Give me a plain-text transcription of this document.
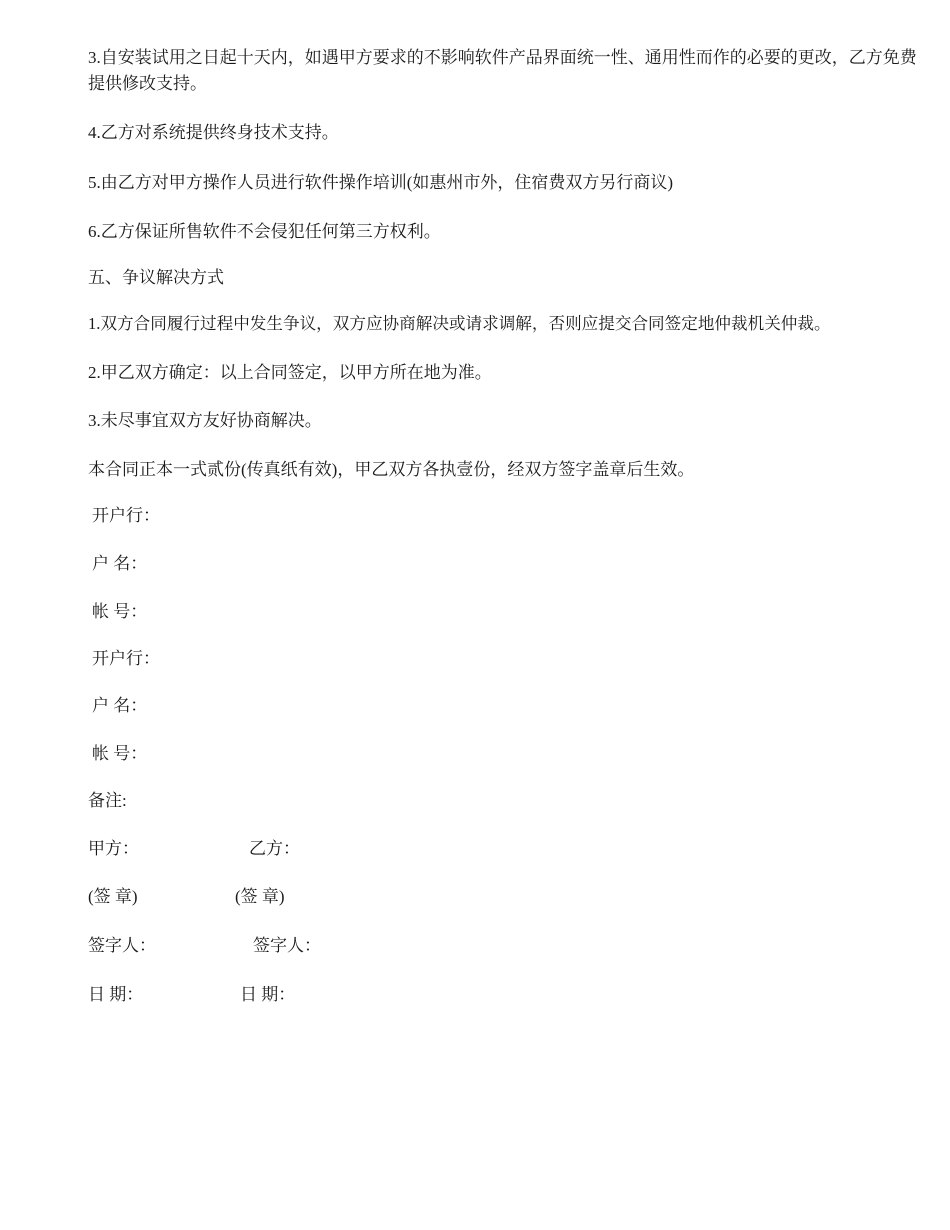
3.自安装试用之日起十天内，如遇甲方要求的不影响软件产品界面统一性、通用性而作的必要的更改，乙方免费提供修改支持。
4.乙方对系统提供终身技术支持。
5.由乙方对甲方操作人员进行软件操作培训(如惠州市外，住宿费双方另行商议)
6.乙方保证所售软件不会侵犯任何第三方权利。
五、争议解决方式
1.双方合同履行过程中发生争议，双方应协商解决或请求调解，否则应提交合同签定地仲裁机关仲裁。
2.甲乙双方确定：以上合同签定，以甲方所在地为准。
3.未尽事宜双方友好协商解决。
本合同正本一式贰份(传真纸有效)，甲乙双方各执壹份，经双方签字盖章后生效。
开户行：
户 名：
帐 号：
开户行：
户 名：
帐 号：
备注:
甲方：	乙方：
(签 章)	(签 章)
签字人：	签字人：
日 期：	日 期：
